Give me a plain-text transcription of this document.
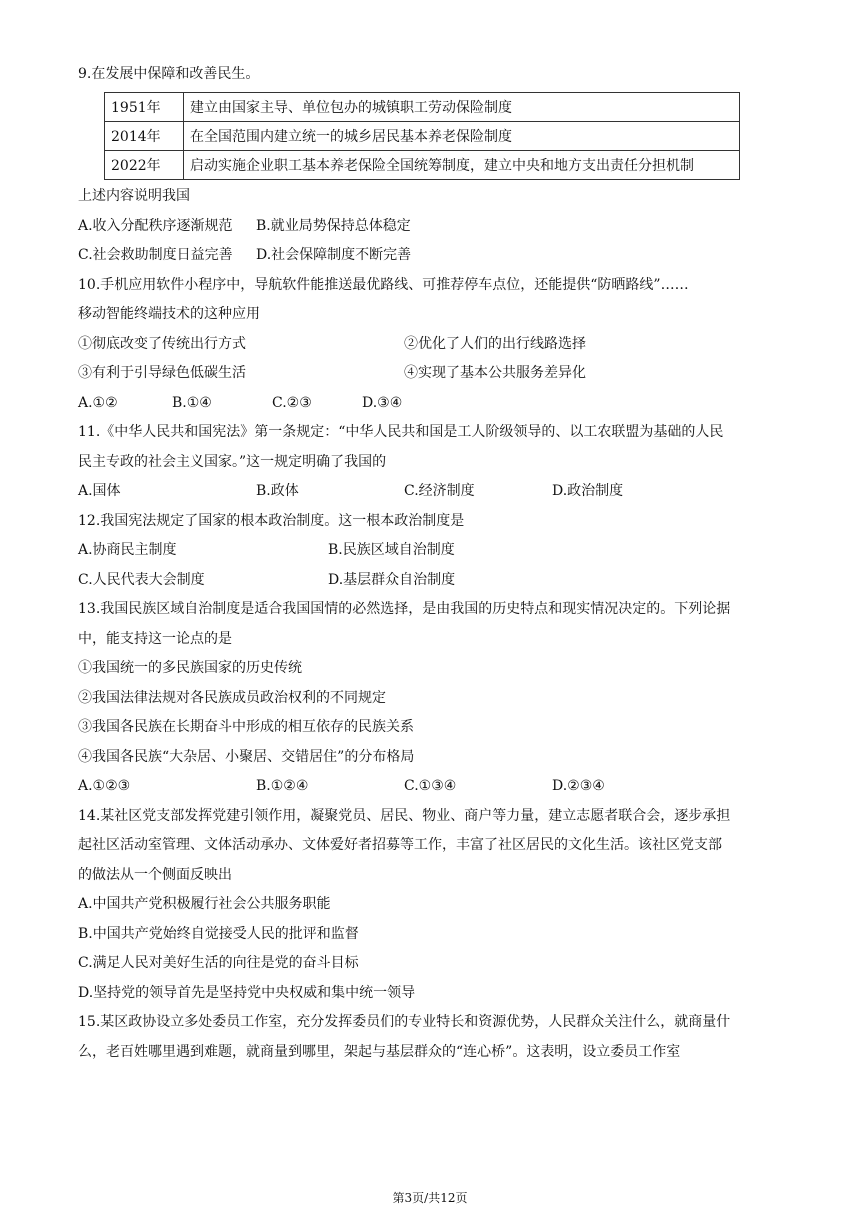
9.在发展中保障和改善民生。
1951年	建立由国家主导、单位包办的城镇职工劳动保险制度
2014年	在全国范围内建立统一的城乡居民基本养老保险制度
2022年	启动实施企业职工基本养老保险全国统筹制度，建立中央和地方支出责任分担机制
上述内容说明我国
A.收入分配秩序逐渐规范 B.就业局势保持总体稳定
C.社会救助制度日益完善 D.社会保障制度不断完善
10.手机应用软件小程序中，导航软件能推送最优路线、可推荐停车点位，还能提供“防晒路线”……
移动智能终端技术的这种应用
①彻底改变了传统出行方式	②优化了人们的出行线路选择
③有利于引导绿色低碳生活	④实现了基本公共服务差异化
A.①②	B.①④	C.②③	D.③④
11.《中华人民共和国宪法》第一条规定：“中华人民共和国是工人阶级领导的、以工农联盟为基础的人民
民主专政的社会主义国家。”这一规定明确了我国的
A.国体	B.政体	C.经济制度	D.政治制度
12.我国宪法规定了国家的根本政治制度。这一根本政治制度是
A.协商民主制度	B.民族区域自治制度
C.人民代表大会制度	D.基层群众自治制度
13.我国民族区域自治制度是适合我国国情的必然选择，是由我国的历史特点和现实情况决定的。下列论据
中，能支持这一论点的是
①我国统一的多民族国家的历史传统
②我国法律法规对各民族成员政治权利的不同规定
③我国各民族在长期奋斗中形成的相互依存的民族关系
④我国各民族“大杂居、小聚居、交错居住”的分布格局
A.①②③	B.①②④	C.①③④	D.②③④
14.某社区党支部发挥党建引领作用，凝聚党员、居民、物业、商户等力量，建立志愿者联合会，逐步承担
起社区活动室管理、文体活动承办、文体爱好者招募等工作，丰富了社区居民的文化生活。该社区党支部
的做法从一个侧面反映出
A.中国共产党积极履行社会公共服务职能
B.中国共产党始终自觉接受人民的批评和监督
C.满足人民对美好生活的向往是党的奋斗目标
D.坚持党的领导首先是坚持党中央权威和集中统一领导
15.某区政协设立多处委员工作室，充分发挥委员们的专业特长和资源优势，人民群众关注什么，就商量什
么，老百姓哪里遇到难题，就商量到哪里，架起与基层群众的“连心桥”。这表明，设立委员工作室
第3页/共12页
